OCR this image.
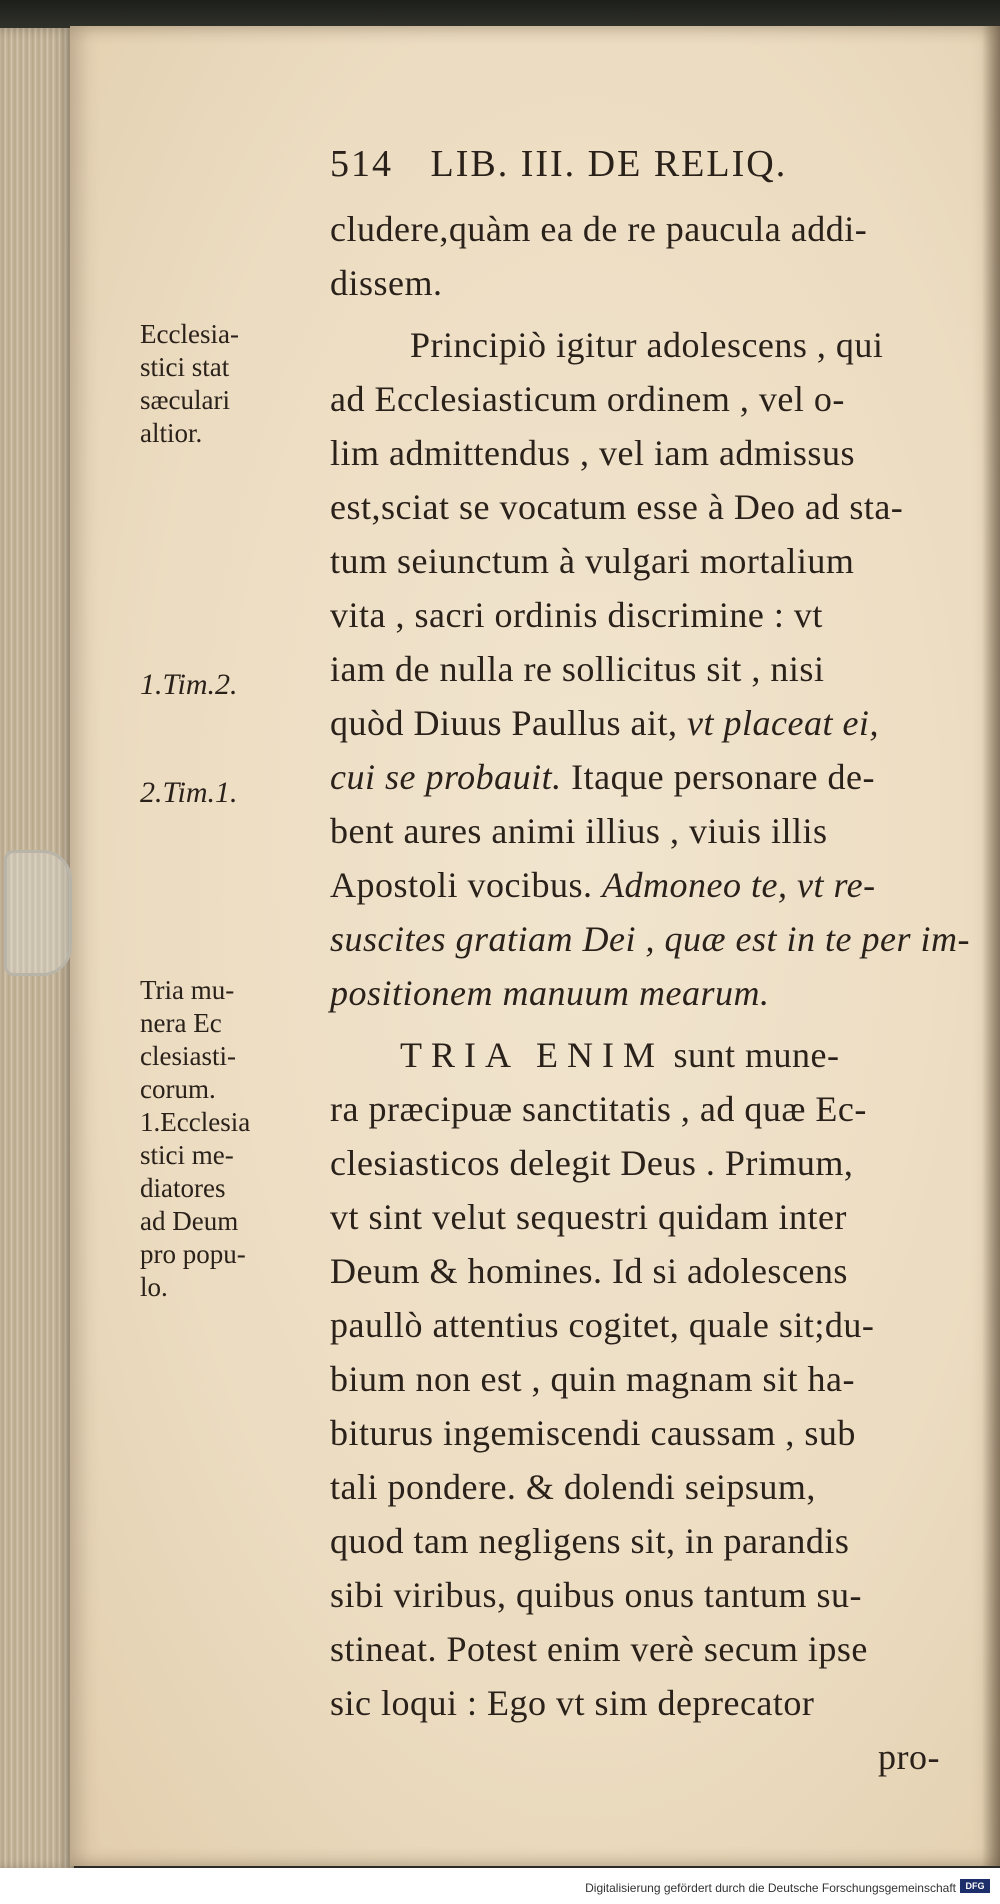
514 LIB. III. DE RELIQ.
Ecclesia-
stici stat
sæculari
altior.
1.Tim.2.
2.Tim.1.
Tria mu-
nera Ec
clesiasti-
corum.
1.Ecclesia
stici me-
diatores
ad Deum
pro popu-
lo.
cludere,quàm ea de re paucula addi-
dissem.
Principiò igitur adolescens , qui
ad Ecclesiasticum ordinem , vel o-
lim admittendus , vel iam admissus
est,sciat se vocatum esse à Deo ad sta-
tum seiunctum à vulgari mortalium
vita , sacri ordinis discrimine : vt
iam de nulla re sollicitus sit , nisi
quòd Diuus Paullus ait, vt placeat ei,
cui se probauit. Itaque personare de-
bent aures animi illius , viuis illis
Apostoli vocibus. Admoneo te, vt re-
suscites gratiam Dei , quæ est in te per im-
positionem manuum mearum.
TRIA ENIM sunt mune-
ra præcipuæ sanctitatis , ad quæ Ec-
clesiasticos delegit Deus . Primum,
vt sint velut sequestri quidam inter
Deum & homines. Id si adolescens
paullò attentius cogitet, quale sit;du-
bium non est , quin magnam sit ha-
biturus ingemiscendi caussam , sub
tali pondere. & dolendi seipsum,
quod tam negligens sit, in parandis
sibi viribus, quibus onus tantum su-
stineat. Potest enim verè secum ipse
sic loqui : Ego vt sim deprecator
pro-
Digitalisierung gefördert durch die Deutsche Forschungsgemeinschaft	DFG
